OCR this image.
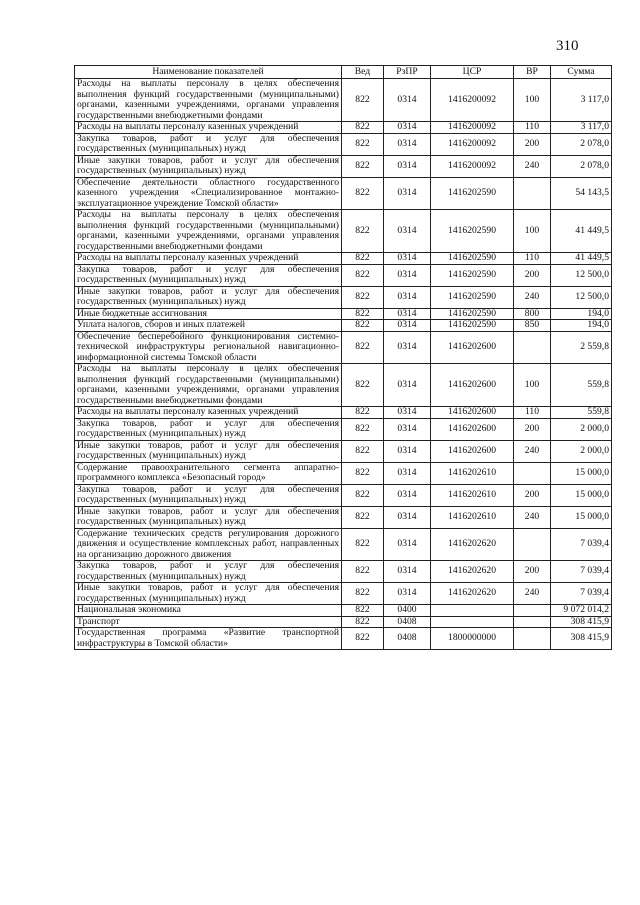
310
Наименование показателей	Вед	РзПР	ЦСР	ВР	Сумма
Расходы на выплаты персоналу в целях обеспечения выполнения функций государственными (муниципальными) органами, казенными учреждениями, органами управления государственными внебюджетными фондами	822	0314	1416200092	100	3 117,0
Расходы на выплаты персоналу казенных учреждений	822	0314	1416200092	110	3 117,0
Закупка товаров, работ и услуг для обеспечения государственных (муниципальных) нужд	822	0314	1416200092	200	2 078,0
Иные закупки товаров, работ и услуг для обеспечения государственных (муниципальных) нужд	822	0314	1416200092	240	2 078,0
Обеспечение деятельности областного государственного казенного учреждения «Специализированное монтажно-эксплуатационное учреждение Томской области»	822	0314	1416202590		54 143,5
Расходы на выплаты персоналу в целях обеспечения выполнения функций государственными (муниципальными) органами, казенными учреждениями, органами управления государственными внебюджетными фондами	822	0314	1416202590	100	41 449,5
Расходы на выплаты персоналу казенных учреждений	822	0314	1416202590	110	41 449,5
Закупка товаров, работ и услуг для обеспечения государственных (муниципальных) нужд	822	0314	1416202590	200	12 500,0
Иные закупки товаров, работ и услуг для обеспечения государственных (муниципальных) нужд	822	0314	1416202590	240	12 500,0
Иные бюджетные ассигнования	822	0314	1416202590	800	194,0
Уплата налогов, сборов и иных платежей	822	0314	1416202590	850	194,0
Обеспечение бесперебойного функционирования системно-технической инфраструктуры региональной навигационно-информационной системы Томской области	822	0314	1416202600		2 559,8
Расходы на выплаты персоналу в целях обеспечения выполнения функций государственными (муниципальными) органами, казенными учреждениями, органами управления государственными внебюджетными фондами	822	0314	1416202600	100	559,8
Расходы на выплаты персоналу казенных учреждений	822	0314	1416202600	110	559,8
Закупка товаров, работ и услуг для обеспечения государственных (муниципальных) нужд	822	0314	1416202600	200	2 000,0
Иные закупки товаров, работ и услуг для обеспечения государственных (муниципальных) нужд	822	0314	1416202600	240	2 000,0
Содержание правоохранительного сегмента аппаратно-программного комплекса «Безопасный город»	822	0314	1416202610		15 000,0
Закупка товаров, работ и услуг для обеспечения государственных (муниципальных) нужд	822	0314	1416202610	200	15 000,0
Иные закупки товаров, работ и услуг для обеспечения государственных (муниципальных) нужд	822	0314	1416202610	240	15 000,0
Содержание технических средств регулирования дорожного движения и осуществление комплексных работ, направленных на организацию дорожного движения	822	0314	1416202620		7 039,4
Закупка товаров, работ и услуг для обеспечения государственных (муниципальных) нужд	822	0314	1416202620	200	7 039,4
Иные закупки товаров, работ и услуг для обеспечения государственных (муниципальных) нужд	822	0314	1416202620	240	7 039,4
Национальная экономика	822	0400			9 072 014,2
Транспорт	822	0408			308 415,9
Государственная программа «Развитие транспортной инфраструктуры в Томской области»	822	0408	1800000000		308 415,9
